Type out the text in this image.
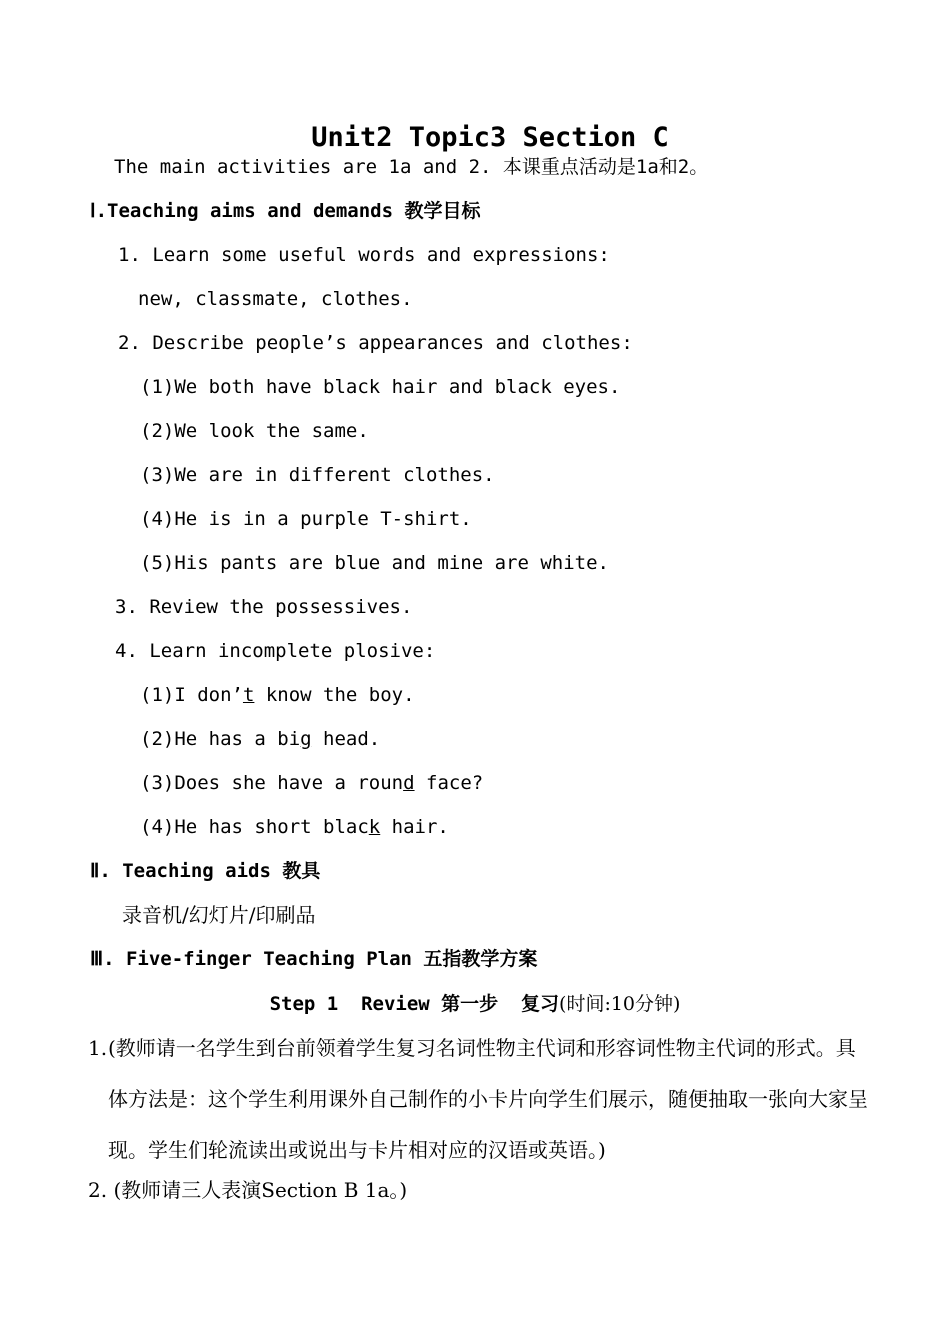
Unit2 Topic3 Section C
The main activities are 1a and 2. 本课重点活动是1a和2。
Ⅰ.Teaching aims and demands 教学目标
1. Learn some useful words and expressions:
new, classmate, clothes.
2. Describe people’s appearances and clothes:
(1)We both have black hair and black eyes.
(2)We look the same.
(3)We are in different clothes.
(4)He is in a purple T-shirt.
(5)His pants are blue and mine are white.
3. Review the possessives.
4. Learn incomplete plosive:
(1)I don’t know the boy.
(2)He has a big head.
(3)Does she have a round face?
(4)He has short black hair.
Ⅱ. Teaching aids 教具
录音机/幻灯片/印刷品
Ⅲ. Five-finger Teaching Plan 五指教学方案
Step 1  Review 第一步  复习(时间:10分钟)
1. (教师请一名学生到台前领着学生复习名词性物主代词和形容词性物主代词的形式。具体方法是：这个学生利用课外自己制作的小卡片向学生们展示，随便抽取一张向大家呈现。学生们轮流读出或说出与卡片相对应的汉语或英语。)
2. (教师请三人表演Section B 1a。)
